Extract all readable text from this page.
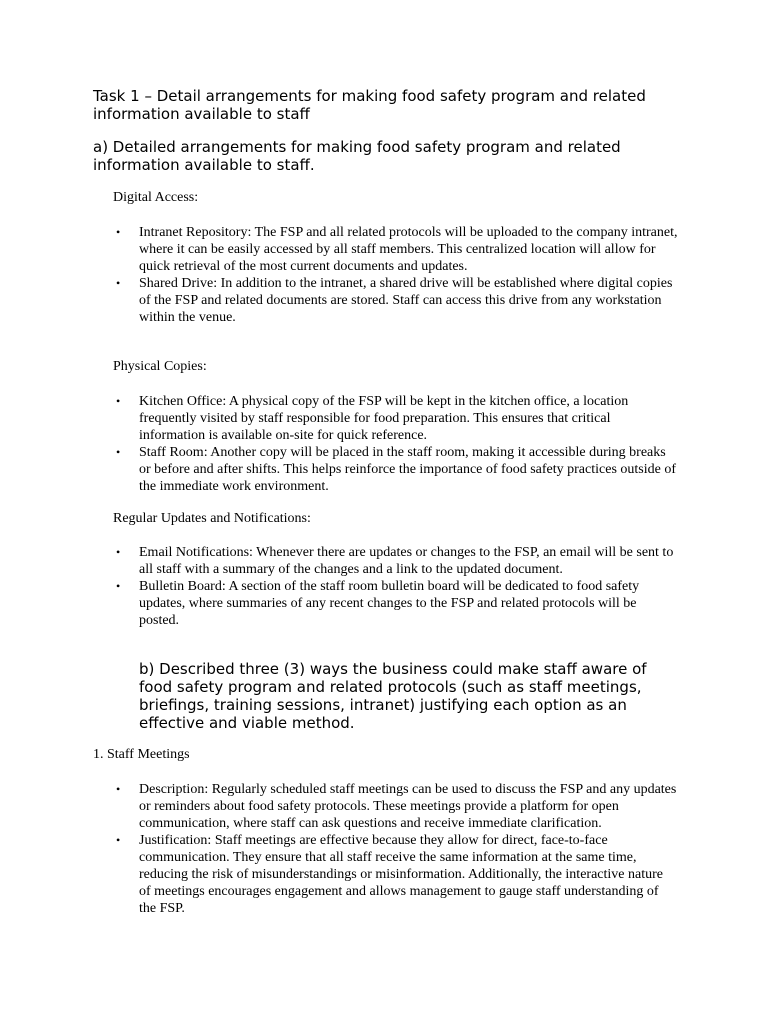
Task 1 – Detail arrangements for making food safety program and related information available to staff
a) Detailed arrangements for making food safety program and related information available to staff.

Digital Access:

• Intranet Repository: The FSP and all related protocols will be uploaded to the company intranet, where it can be easily accessed by all staff members. This centralized location will allow for quick retrieval of the most current documents and updates.
• Shared Drive: In addition to the intranet, a shared drive will be established where digital copies of the FSP and related documents are stored. Staff can access this drive from any workstation within the venue.

Physical Copies:

• Kitchen Office: A physical copy of the FSP will be kept in the kitchen office, a location frequently visited by staff responsible for food preparation. This ensures that critical information is available on-site for quick reference.
• Staff Room: Another copy will be placed in the staff room, making it accessible during breaks or before and after shifts. This helps reinforce the importance of food safety practices outside of the immediate work environment.

Regular Updates and Notifications:

• Email Notifications: Whenever there are updates or changes to the FSP, an email will be sent to all staff with a summary of the changes and a link to the updated document.
• Bulletin Board: A section of the staff room bulletin board will be dedicated to food safety updates, where summaries of any recent changes to the FSP and related protocols will be posted.
b) Described three (3) ways the business could make staff aware of food safety program and related protocols (such as staff meetings, briefings, training sessions, intranet) justifying each option as an effective and viable method.

1. Staff Meetings

• Description: Regularly scheduled staff meetings can be used to discuss the FSP and any updates or reminders about food safety protocols. These meetings provide a platform for open communication, where staff can ask questions and receive immediate clarification.
• Justification: Staff meetings are effective because they allow for direct, face-to-face communication. They ensure that all staff receive the same information at the same time, reducing the risk of misunderstandings or misinformation. Additionally, the interactive nature of meetings encourages engagement and allows management to gauge staff understanding of the FSP.
